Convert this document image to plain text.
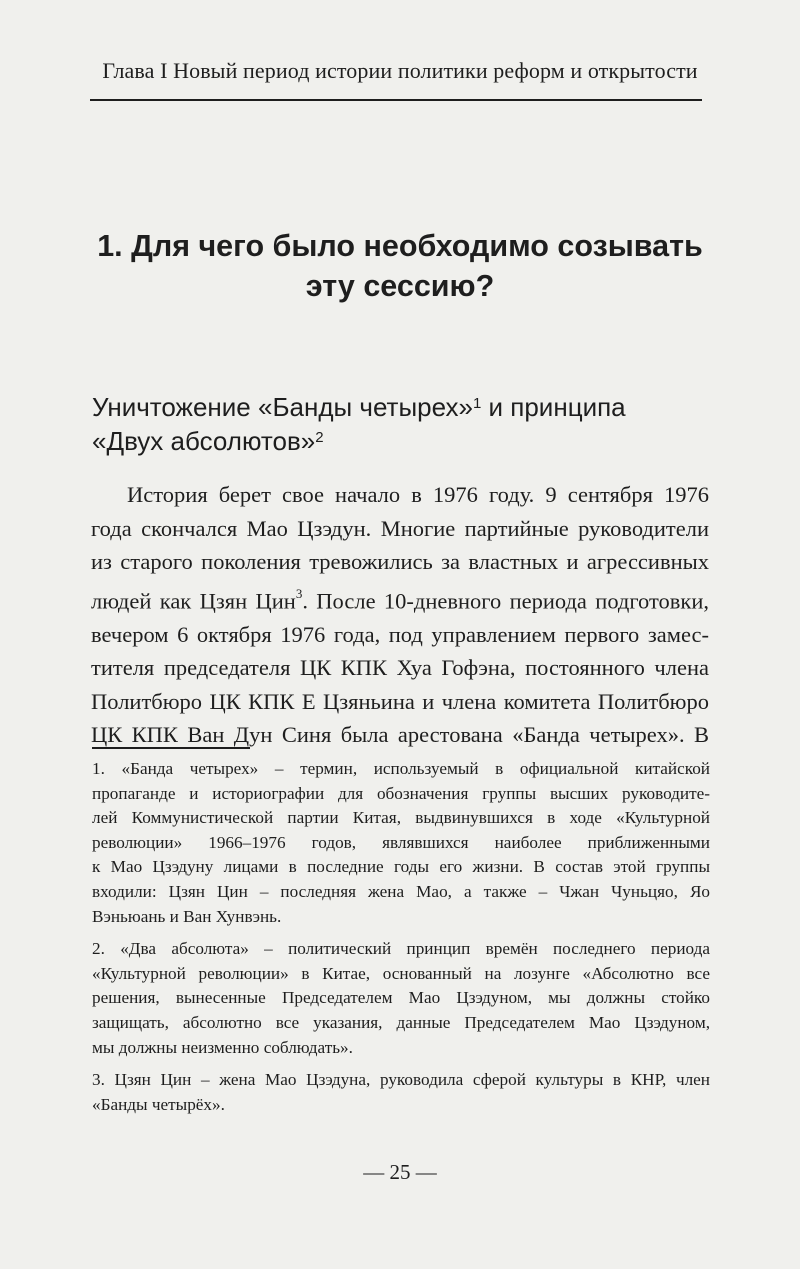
Глава I Новый период истории политики реформ и открытости
1. Для чего было необходимо созывать
эту сессию?
Уничтожение «Банды четырех»$^1$ и принципа
«Двух абсолютов»$^2$
История берет свое начало в 1976 году. 9 сентября 1976
года скончался Мао Цзэдун. Многие партийные руководители
из старого поколения тревожились за властных и агрессивных
людей как Цзян Цин$^3$. После 10-дневного периода подготовки,
вечером 6 октября 1976 года, под управлением первого замес-
тителя председателя ЦК КПК Хуа Гофэна, постоянного члена
Политбюро ЦК КПК Е Цзяньина и члена комитета Политбюро
ЦК КПК Ван Дун Синя была арестована «Банда четырех». В
1. «Банда четырех» – термин, используемый в официальной китайской
пропаганде и историографии для обозначения группы высших руководите-
лей Коммунистической партии Китая, выдвинувшихся в ходе «Культурной
революции» 1966–1976 годов, являвшихся наиболее приближенными
к Мао Цзэдуну лицами в последние годы его жизни. В состав этой группы
входили: Цзян Цин – последняя жена Мао, а также – Чжан Чуньцяо, Яо
Вэньюань и Ван Хунвэнь.
2. «Два абсолюта» – политический принцип времён последнего периода
«Культурной революции» в Китае, основанный на лозунге «Абсолютно все
решения, вынесенные Председателем Мао Цзэдуном, мы должны стойко
защищать, абсолютно все указания, данные Председателем Мао Цзэдуном,
мы должны неизменно соблюдать».
3. Цзян Цин – жена Мао Цзэдуна, руководила сферой культуры в КНР, член
«Банды четырёх».
— 25 —
